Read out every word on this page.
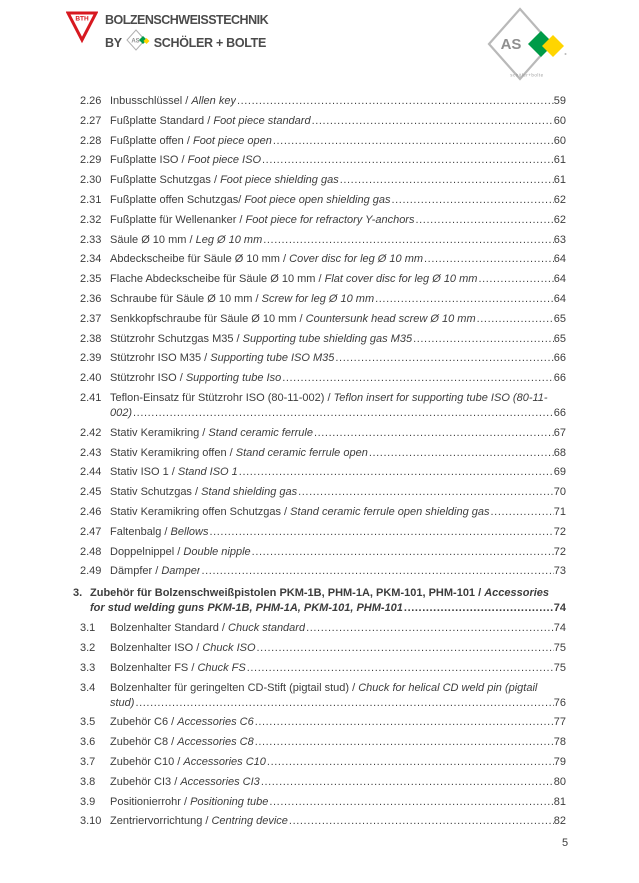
BTH BOLZENSCHWEISSTECHNIK
BY AS SCHÖLER + BOLTE	AS
schöler+bolte
2.26 Inbusschlüssel / Allen key .....	59
2.27 Fußplatte Standard / Foot piece standard .....	60
2.28 Fußplatte offen / Foot piece open .....	60
2.29 Fußplatte ISO / Foot piece ISO .....	61
2.30 Fußplatte Schutzgas / Foot piece shielding gas .....	61
2.31 Fußplatte offen Schutzgas/ Foot piece open shielding gas .....	62
2.32 Fußplatte für Wellenanker / Foot piece for refractory Y-anchors .....	62
2.33 Säule Ø 10 mm / Leg Ø 10 mm .....	63
2.34 Abdeckscheibe für Säule Ø 10 mm / Cover disc for leg Ø 10 mm .....	64
2.35 Flache Abdeckscheibe für Säule Ø 10 mm / Flat cover disc for leg Ø 10 mm .....	64
2.36 Schraube für Säule Ø 10 mm / Screw for leg Ø 10 mm .....	64
2.37 Senkkopfschraube für Säule Ø 10 mm / Countersunk head screw Ø 10 mm .....	65
2.38 Stützrohr Schutzgas M35 / Supporting tube shielding gas M35 .....	65
2.39 Stützrohr ISO M35 / Supporting tube ISO M35 .....	66
2.40 Stützrohr ISO / Supporting tube Iso .....	66
2.41 Teflon-Einsatz für Stützrohr ISO (80-11-002) / Teflon insert for supporting tube ISO (80-11-
002) .....	66
2.42 Stativ Keramikring / Stand ceramic ferrule .....	67
2.43 Stativ Keramikring offen / Stand ceramic ferrule open .....	68
2.44 Stativ ISO 1 / Stand ISO 1 .....	69
2.45 Stativ Schutzgas / Stand shielding gas .....	70
2.46 Stativ Keramikring offen Schutzgas / Stand ceramic ferrule open shielding gas .....	71
2.47 Faltenbalg / Bellows .....	72
2.48 Doppelnippel / Double nipple .....	72
2.49 Dämpfer / Damper .....	73
3. Zubehör für Bolzenschweißpistolen PKM-1B, PHM-1A, PKM-101, PHM-101 / Accessories
for stud welding guns PKM-1B, PHM-1A, PKM-101, PHM-101 .....	74
3.1	Bolzenhalter Standard / Chuck standard .....	74
3.2	Bolzenhalter ISO / Chuck ISO .....	75
3.3	Bolzenhalter FS / Chuck FS .....	75
3.4	Bolzenhalter für geringelten CD-Stift (pigtail stud) / Chuck for helical CD weld pin (pigtail
stud) .....	76
3.5	Zubehör C6 / Accessories C6 .....	77
3.6	Zubehör C8 / Accessories C8 .....	78
3.7	Zubehör C10 / Accessories C10 .....	79
3.8	Zubehör CI3 / Accessories CI3 .....	80
3.9	Positionierrohr / Positioning tube .....	81
3.10 Zentriervorrichtung / Centring device .....	82
5
